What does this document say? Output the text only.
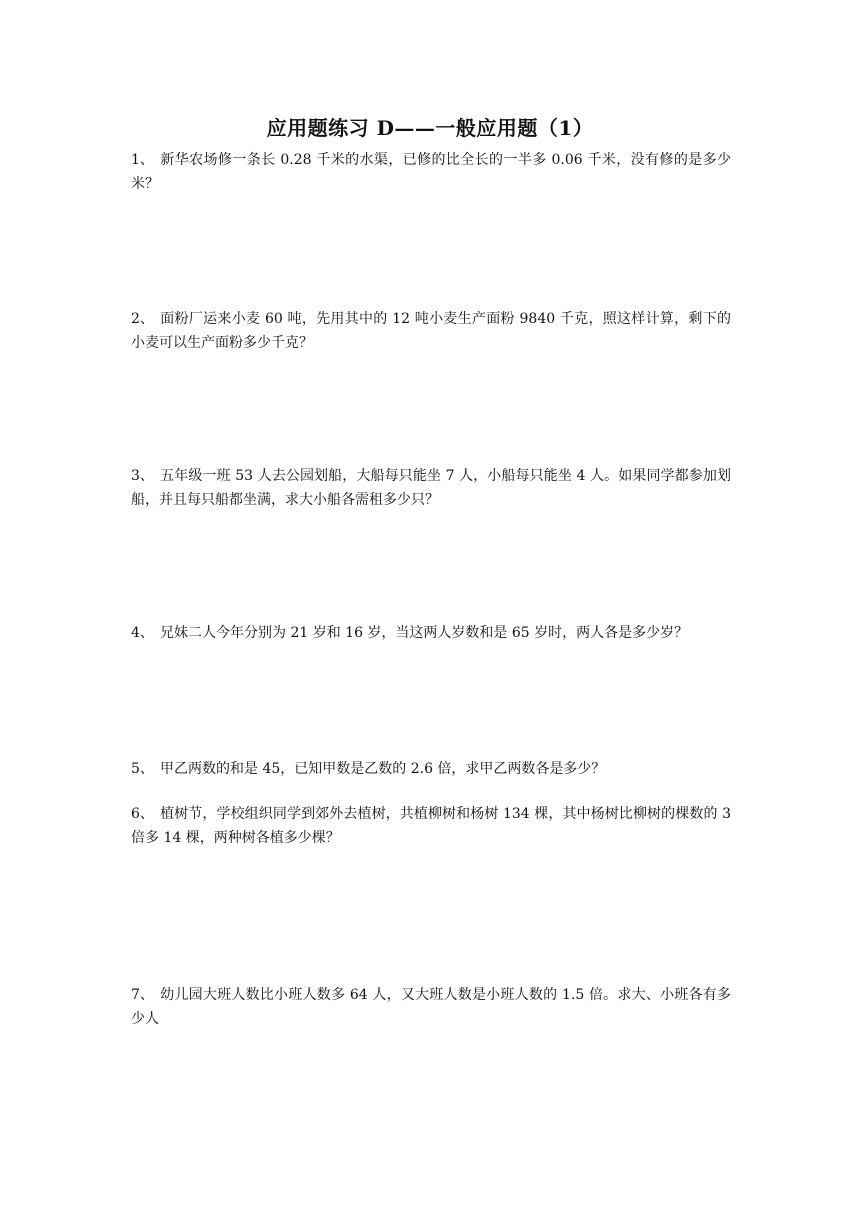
应用题练习 D——一般应用题（1）
1、 新华农场修一条长 0.28 千米的水渠，已修的比全长的一半多 0.06 千米，没有修的是多少米？
2、 面粉厂运来小麦 60 吨，先用其中的 12 吨小麦生产面粉 9840 千克，照这样计算，剩下的小麦可以生产面粉多少千克？
3、 五年级一班 53 人去公园划船，大船每只能坐 7 人，小船每只能坐 4 人。如果同学都参加划船，并且每只船都坐满，求大小船各需租多少只？
4、 兄妹二人今年分别为 21 岁和 16 岁，当这两人岁数和是 65 岁时，两人各是多少岁？
5、 甲乙两数的和是 45，已知甲数是乙数的 2.6 倍，求甲乙两数各是多少？
6、 植树节，学校组织同学到郊外去植树，共植柳树和杨树 134 棵，其中杨树比柳树的棵数的 3 倍多 14 棵，两种树各植多少棵？
7、 幼儿园大班人数比小班人数多 64 人，又大班人数是小班人数的 1.5 倍。求大、小班各有多少人
